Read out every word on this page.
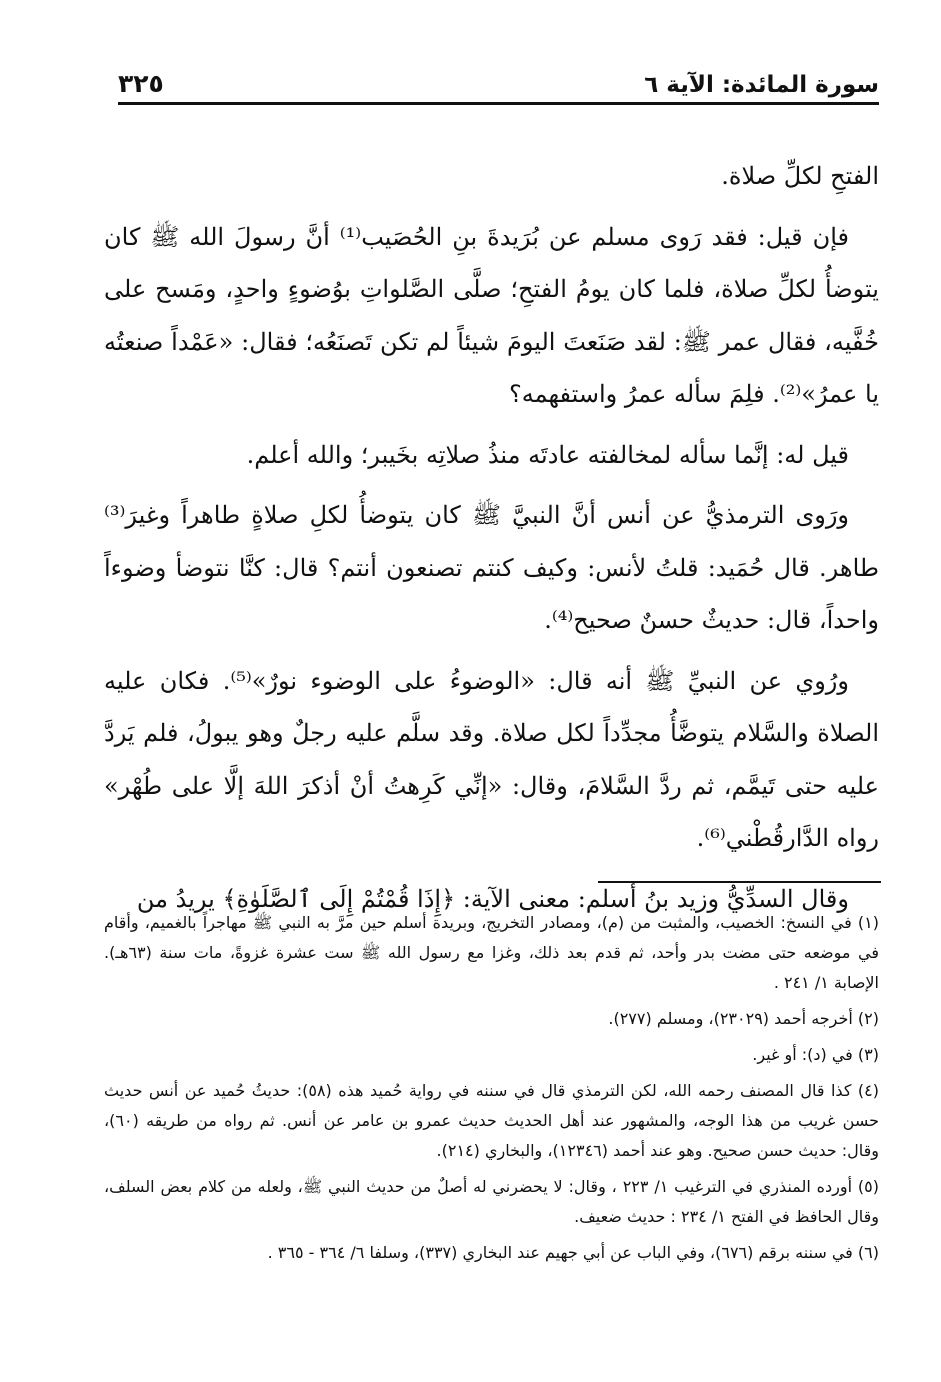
سورة المائدة: الآية ٦
٣٢٥

الفتحِ لكلِّ صلاة.

فإن قيل: فقد رَوى مسلم عن بُرَيدةَ بنِ الحُصَيب⁽¹⁾ أنَّ رسولَ الله ﷺ كان يتوضأُ لكلِّ صلاة، فلما كان يومُ الفتحِ؛ صلَّى الصَّلواتِ بوُضوءٍ واحدٍ، ومَسح على خُفَّيه، فقال عمر ﷺ: لقد صَنَعتَ اليومَ شيئاً لم تكن تَصنَعُه؛ فقال: «عَمْداً صنعتُه يا عمرُ»⁽²⁾. فلِمَ سأله عمرُ واستفهمه؟

قيل له: إنَّما سأله لمخالفته عادتَه منذُ صلاتِه بخَيبر؛ والله أعلم.

ورَوى الترمذيُّ عن أنس أنَّ النبيَّ ﷺ كان يتوضأُ لكلِ صلاةٍ طاهراً وغيرَ⁽³⁾ طاهر. قال حُمَيد: قلتُ لأنس: وكيف كنتم تصنعون أنتم؟ قال: كنَّا نتوضأ وضوءاً واحداً، قال: حديثٌ حسنٌ صحيح⁽⁴⁾.

ورُوي عن النبيِّ ﷺ أنه قال: «الوضوءُ على الوضوء نورٌ»⁽⁵⁾. فكان عليه الصلاة والسَّلام يتوضَّأُ مجدِّداً لكل صلاة. وقد سلَّم عليه رجلٌ وهو يبولُ، فلم يَردَّ عليه حتى تَيمَّم، ثم ردَّ السَّلامَ، وقال: «إنِّي كَرِهتُ أنْ أذكرَ اللهَ إلَّا على طُهْر» رواه الدَّارقُطْني⁽⁶⁾.

وقال السدِّيُّ وزيد بنُ أسلم: معنى الآية: ﴿إِذَا قُمْتُمْ إِلَى ٱلصَّلَوٰةِ﴾ يريدُ من

(١) في النسخ: الخصيب، والمثبت من (م)، ومصادر التخريج، وبريدة أسلم حين مرَّ به النبي ﷺ مهاجراً بالغميم، وأقام في موضعه حتى مضت بدر وأحد، ثم قدم بعد ذلك، وغزا مع رسول الله ﷺ ست عشرة غزوةً، مات سنة (٦٣هـ). الإصابة ١/ ٢٤١ .
(٢) أخرجه أحمد (٢٣٠٢٩)، ومسلم (٢٧٧).
(٣) في (د): أو غير.
(٤) كذا قال المصنف رحمه الله، لكن الترمذي قال في سننه في رواية حُميد هذه (٥٨): حديثُ حُميد عن أنس حديث حسن غريب من هذا الوجه، والمشهور عند أهل الحديث حديث عمرو بن عامر عن أنس. ثم رواه من طريقه (٦٠)، وقال: حديث حسن صحيح. وهو عند أحمد (١٢٣٤٦)، والبخاري (٢١٤).
(٥) أورده المنذري في الترغيب ١/ ٢٢٣ ، وقال: لا يحضرني له أصلٌ من حديث النبي ﷺ، ولعله من كلام بعض السلف، وقال الحافظ في الفتح ١/ ٢٣٤ : حديث ضعيف.
(٦) في سننه برقم (٦٧٦)، وفي الباب عن أبي جهيم عند البخاري (٣٣٧)، وسلفا ٦/ ٣٦٤ - ٣٦٥ .
